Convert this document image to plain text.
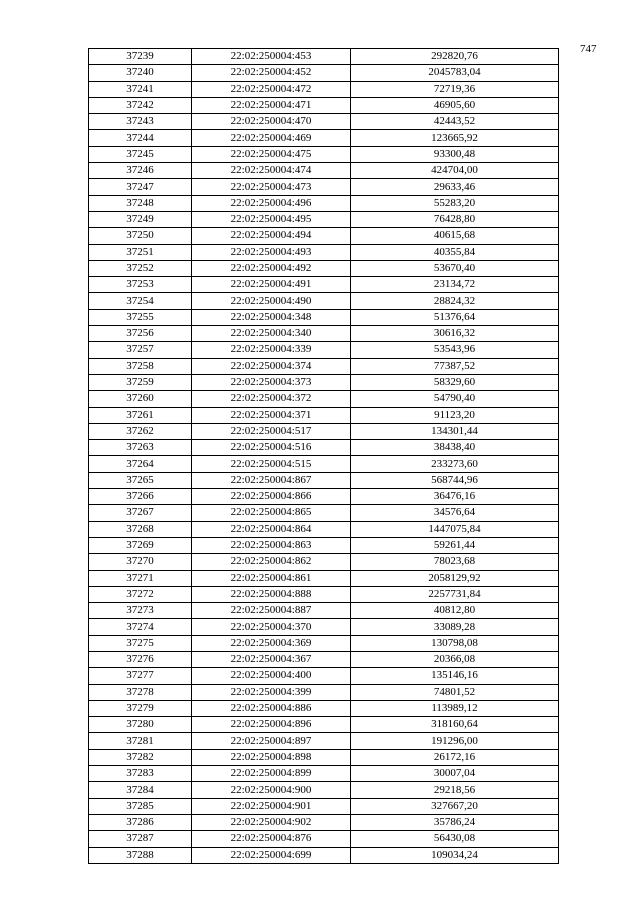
747
37239	22:02:250004:453	292820,76
37240	22:02:250004:452	2045783,04
37241	22:02:250004:472	72719,36
37242	22:02:250004:471	46905,60
37243	22:02:250004:470	42443,52
37244	22:02:250004:469	123665,92
37245	22:02:250004:475	93300,48
37246	22:02:250004:474	424704,00
37247	22:02:250004:473	29633,46
37248	22:02:250004:496	55283,20
37249	22:02:250004:495	76428,80
37250	22:02:250004:494	40615,68
37251	22:02:250004:493	40355,84
37252	22:02:250004:492	53670,40
37253	22:02:250004:491	23134,72
37254	22:02:250004:490	28824,32
37255	22:02:250004:348	51376,64
37256	22:02:250004:340	30616,32
37257	22:02:250004:339	53543,96
37258	22:02:250004:374	77387,52
37259	22:02:250004:373	58329,60
37260	22:02:250004:372	54790,40
37261	22:02:250004:371	91123,20
37262	22:02:250004:517	134301,44
37263	22:02:250004:516	38438,40
37264	22:02:250004:515	233273,60
37265	22:02:250004:867	568744,96
37266	22:02:250004:866	36476,16
37267	22:02:250004:865	34576,64
37268	22:02:250004:864	1447075,84
37269	22:02:250004:863	59261,44
37270	22:02:250004:862	78023,68
37271	22:02:250004:861	2058129,92
37272	22:02:250004:888	2257731,84
37273	22:02:250004:887	40812,80
37274	22:02:250004:370	33089,28
37275	22:02:250004:369	130798,08
37276	22:02:250004:367	20366,08
37277	22:02:250004:400	135146,16
37278	22:02:250004:399	74801,52
37279	22:02:250004:886	113989,12
37280	22:02:250004:896	318160,64
37281	22:02:250004:897	191296,00
37282	22:02:250004:898	26172,16
37283	22:02:250004:899	30007,04
37284	22:02:250004:900	29218,56
37285	22:02:250004:901	327667,20
37286	22:02:250004:902	35786,24
37287	22:02:250004:876	56430,08
37288	22:02:250004:699	109034,24
